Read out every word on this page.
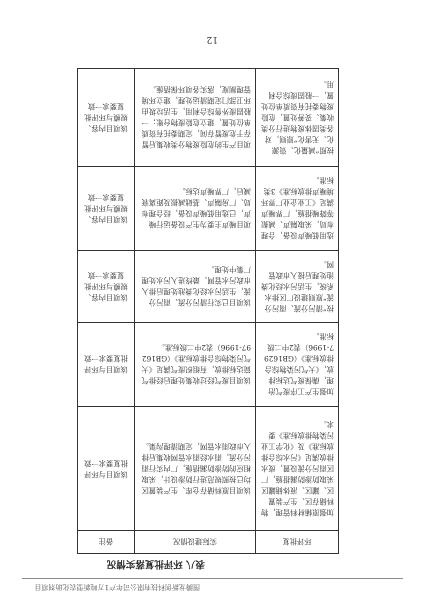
图腾龙新创科技有限公司年产1万吨新型农化助剂项目
表八 环评批复落实情况
环评批复	实际建设情况	备注
加强原辅材料管理，物料储存区、生产装置区、罐区、液体储罐区采取防渗防漏措施，厂区雨污分流设置，废水排放满足《污水综合排放标准》及《化学工业污染物排放标准》要求。	该项目原料储存仓库、生产装置区均已按照规范进行防渗设计，采取相应的防渗防漏措施，厂内实行雨污分流，雨水经雨水管网收集后排入市政雨水管网，定期清理沟渠。	该项目与环评批复要求一致
加强生产工序废气治理，确保废气达标排放，《大气污染物综合排放标准》（GB16297-1996）表2中二级标准。	该项目废气经过收集处理后经排气筒达标排放，有组织废气满足《大气污染物综合排放标准》（GB16297-1996）表2中二级标准。	该项目与环评批复要求一致
按“清污分流、雨污分流”原则建设厂区排水系统，生活污水经化粪池处理后接入市政管网。	该项目已实行清污分流、雨污分流，生活污水经化粪池处理后排入市政污水管网，最终进入污水处理厂集中处理。	该项目内容、规模与环评批复要求一致
选用低噪声设备，合理布局，采取隔声、减振等降噪措施，厂界噪声满足《工业企业厂界环境噪声排放标准》3类标准。	项目噪声主要为生产设备运行噪声，已选用低噪声设备，经合理布局、厂房隔声、基础减振及距离衰减后，厂界噪声达标。	该项目内容、规模与环评批复要求一致
按照“减量化、资源化、无害化”原则，对各类固体废物进行分类收集、妥善处置，危险废物委托有资质单位处置，一般固废综合利用。	项目产生的危险废物分类收集后暂存于危废暂存间，定期委托有资质单位处置，建立危险废物台账；一般固废外售综合利用，生活垃圾由环卫部门定期清运处理，建立环境管理制度，落实各项环保措施。	该项目内容、规模与环评批复要求一致
12
